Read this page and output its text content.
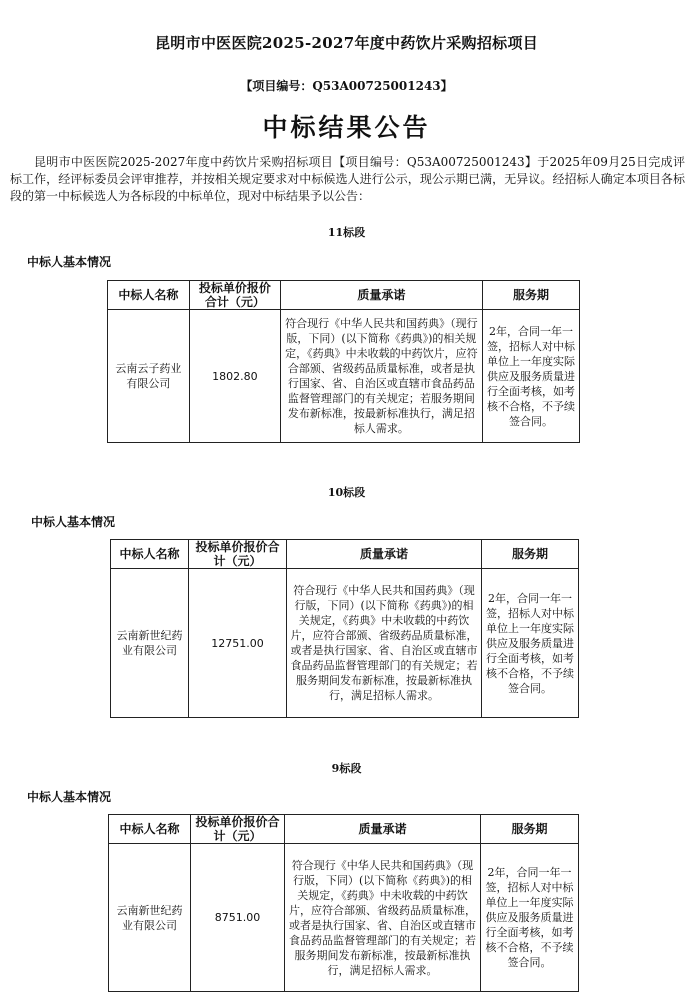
昆明市中医医院2025-2027年度中药饮片采购招标项目
【项目编号：Q53A00725001243】
中标结果公告

昆明市中医医院2025-2027年度中药饮片采购招标项目【项目编号：Q53A00725001243】于2025年09月25日完成评标工作，经评标委员会评审推荐，并按相关规定要求对中标候选人进行公示，现公示期已满，无异议。经招标人确定本项目各标段的第一中标候选人为各标段的中标单位，现对中标结果予以公告：

11标段
中标人基本情况
中标人名称	投标单价报价合计（元）	质量承诺	服务期
云南云子药业有限公司	1802.80	符合现行《中华人民共和国药典》（现行版，下同）(以下简称《药典》)的相关规定，《药典》中未收载的中药饮片，应符合部颁、省级药品质量标准，或者是执行国家、省、自治区或直辖市食品药品监督管理部门的有关规定；若服务期间发布新标准，按最新标准执行，满足招标人需求。	2年，合同一年一签，招标人对中标单位上一年度实际供应及服务质量进行全面考核，如考核不合格，不予续签合同。
10标段
中标人基本情况
中标人名称	投标单价报价合计（元）	质量承诺	服务期
云南新世纪药业有限公司	12751.00	符合现行《中华人民共和国药典》（现行版，下同）(以下简称《药典》)的相关规定，《药典》中未收载的中药饮片，应符合部颁、省级药品质量标准，或者是执行国家、省、自治区或直辖市食品药品监督管理部门的有关规定；若服务期间发布新标准，按最新标准执行，满足招标人需求。	2年，合同一年一签，招标人对中标单位上一年度实际供应及服务质量进行全面考核，如考核不合格，不予续签合同。
9标段
中标人基本情况
中标人名称	投标单价报价合计（元）	质量承诺	服务期
云南新世纪药业有限公司	8751.00	符合现行《中华人民共和国药典》（现行版，下同）(以下简称《药典》)的相关规定，《药典》中未收载的中药饮片，应符合部颁、省级药品质量标准，或者是执行国家、省、自治区或直辖市食品药品监督管理部门的有关规定；若服务期间发布新标准，按最新标准执行，满足招标人需求。	2年，合同一年一签，招标人对中标单位上一年度实际供应及服务质量进行全面考核，如考核不合格，不予续签合同。
